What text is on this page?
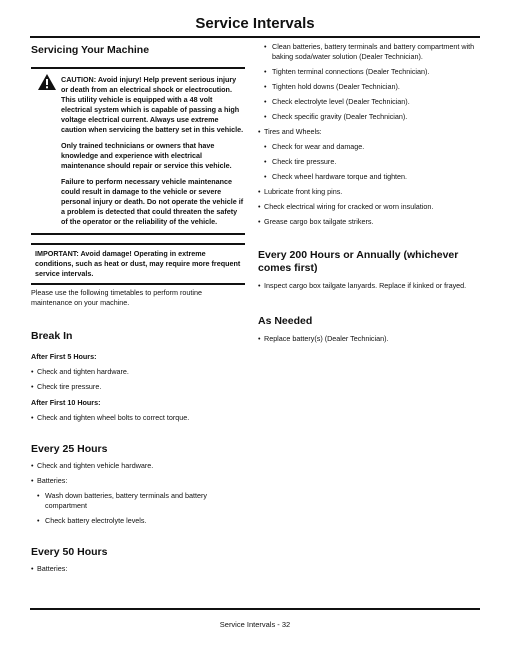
Service Intervals
Servicing Your Machine

CAUTION: Avoid injury! Help prevent serious injury or death from an electrical shock or electrocution. This utility vehicle is equipped with a 48 volt electrical system which is capable of passing a high voltage electrical current. Always use extreme caution when servicing the battery set in this vehicle.

Only trained technicians or owners that have knowledge and experience with electrical maintenance should repair or service this vehicle.

Failure to perform necessary vehicle maintenance could result in damage to the vehicle or severe personal injury or death. Do not operate the vehicle if a problem is detected that could threaten the safety of the operator or the reliability of the vehicle.

IMPORTANT: Avoid damage! Operating in extreme conditions, such as heat or dust, may require more frequent service intervals.

Please use the following timetables to perform routine maintenance on your machine.

Break In
After First 5 Hours:
• Check and tighten hardware.
• Check tire pressure.
After First 10 Hours:
• Check and tighten wheel bolts to correct torque.
Every 25 Hours
• Check and tighten vehicle hardware.
• Batteries:
• Wash down batteries, battery terminals and battery compartment
• Check battery electrolyte levels.
Every 50 Hours
• Batteries:
• Clean batteries, battery terminals and battery compartment with baking soda/water solution (Dealer Technician).
• Tighten terminal connections (Dealer Technician).
• Tighten hold downs (Dealer Technician).
• Check electrolyte level (Dealer Technician).
• Check specific gravity (Dealer Technician).
• Tires and Wheels:
• Check for wear and damage.
• Check tire pressure.
• Check wheel hardware torque and tighten.
• Lubricate front king pins.
• Check electrical wiring for cracked or worn insulation.
• Grease cargo box tailgate strikers.
Every 200 Hours or Annually (whichever comes first)
• Inspect cargo box tailgate lanyards. Replace if kinked or frayed.
As Needed
• Replace battery(s) (Dealer Technician).
Service Intervals - 32
